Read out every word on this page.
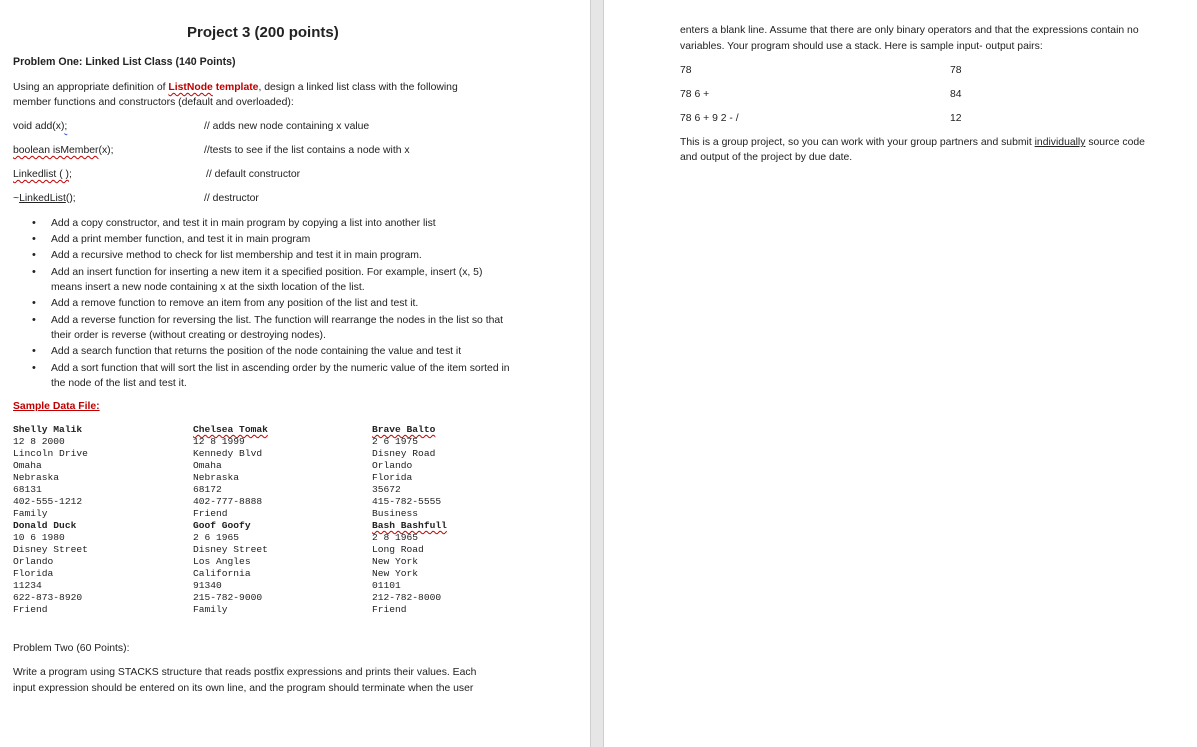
Project 3 (200 points)
Problem One: Linked List Class (140 Points)
Using an appropriate definition of ListNode template, design a linked list class with the following
member functions and constructors (default and overloaded):
void add(x);	// adds new node containing x value
boolean isMember(x);	//tests to see if the list contains a node with x
Linkedlist ( );	// default constructor
~LinkedList();	// destructor
• Add a copy constructor, and test it in main program by copying a list into another list
• Add a print member function, and test it in main program
• Add a recursive method to check for list membership and test it in main program.
• Add an insert function for inserting a new item it a specified position. For example, insert (x, 5) means insert a new node containing x at the sixth location of the list.
• Add a remove function to remove an item from any position of the list and test it.
• Add a reverse function for reversing the list. The function will rearrange the nodes in the list so that their order is reverse (without creating or destroying nodes).
• Add a search function that returns the position of the node containing the value and test it
• Add a sort function that will sort the list in ascending order by the numeric value of the item sorted in the node of the list and test it.
Sample Data File:
Shelly Malik
12 8 2000
Lincoln Drive
Omaha
Nebraska
68131
402-555-1212
Family
Donald Duck
10 6 1980
Disney Street
Orlando
Florida
11234
622-873-8920
Friend
Chelsea Tomak
12 8 1999
Kennedy Blvd
Omaha
Nebraska
68172
402-777-8888
Friend
Goof Goofy
2 6 1965
Disney Street
Los Angles
California
91340
215-782-9000
Family
Brave Balto
2 6 1975
Disney Road
Orlando
Florida
35672
415-782-5555
Business
Bash Bashfull
2 8 1965
Long Road
New York
New York
01101
212-782-8000
Friend
Problem Two (60 Points):
Write a program using STACKS structure that reads postfix expressions and prints their values. Each
input expression should be entered on its own line, and the program should terminate when the user
enters a blank line. Assume that there are only binary operators and that the expressions contain no
variables. Your program should use a stack. Here is sample input- output pairs:
78	78
78 6 +	84
78 6 + 9 2 - /	12
This is a group project, so you can work with your group partners and submit individually source code
and output of the project by due date.
